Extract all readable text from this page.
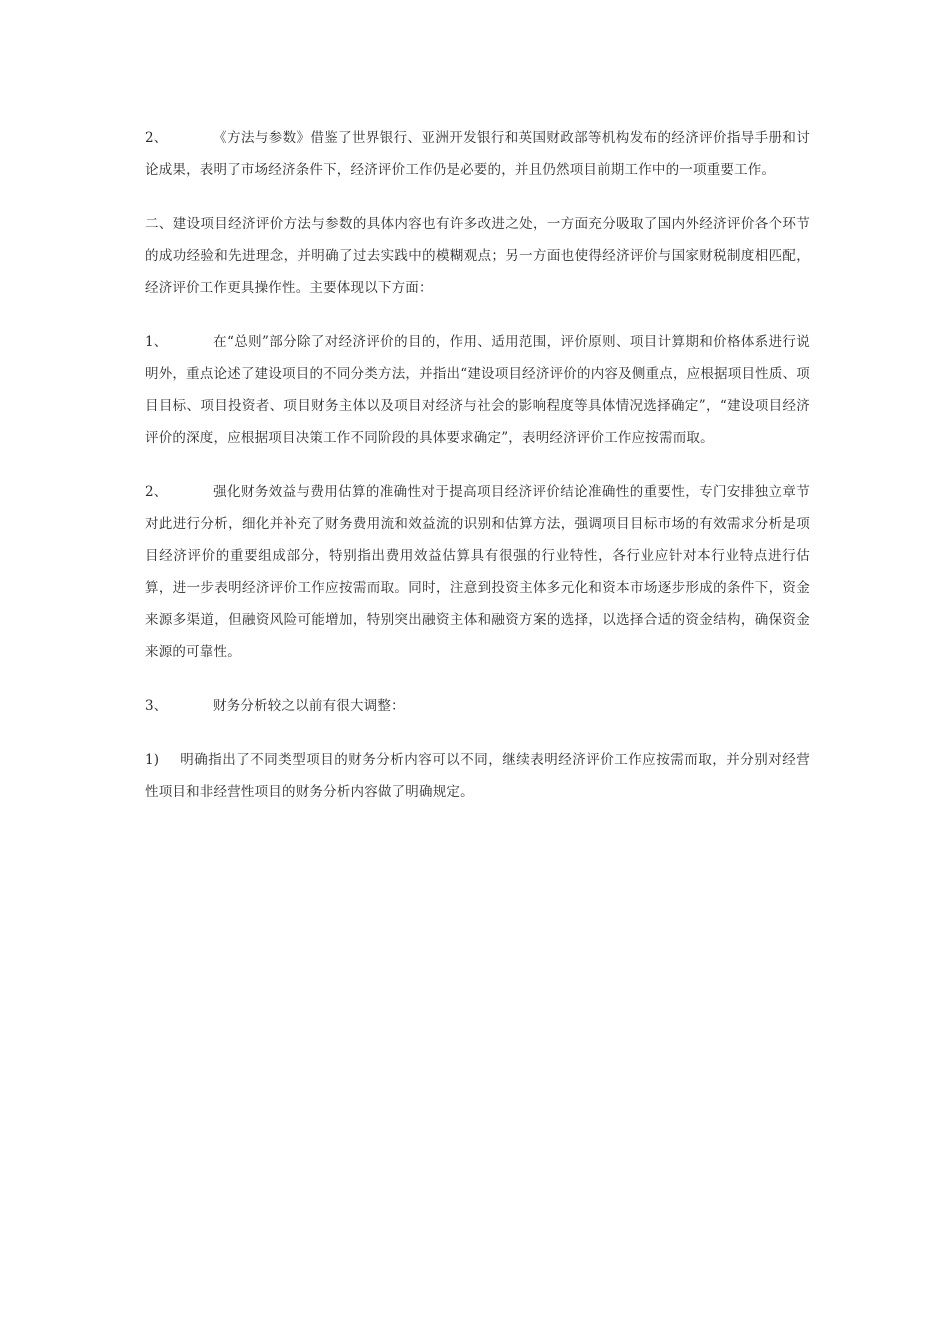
2、	《方法与参数》借鉴了世界银行、亚洲开发银行和英国财政部等机构发布的经济评价指导手册和讨论成果，表明了市场经济条件下，经济评价工作仍是必要的，并且仍然项目前期工作中的一项重要工作。

二、建设项目经济评价方法与参数的具体内容也有许多改进之处，一方面充分吸取了国内外经济评价各个环节的成功经验和先进理念，并明确了过去实践中的模糊观点；另一方面也使得经济评价与国家财税制度相匹配，经济评价工作更具操作性。主要体现以下方面：

1、	在“总则”部分除了对经济评价的目的，作用、适用范围，评价原则、项目计算期和价格体系进行说明外，重点论述了建设项目的不同分类方法，并指出“建设项目经济评价的内容及侧重点，应根据项目性质、项目目标、项目投资者、项目财务主体以及项目对经济与社会的影响程度等具体情况选择确定”，“建设项目经济评价的深度，应根据项目决策工作不同阶段的具体要求确定”，表明经济评价工作应按需而取。

2、	强化财务效益与费用估算的准确性对于提高项目经济评价结论准确性的重要性，专门安排独立章节对此进行分析，细化并补充了财务费用流和效益流的识别和估算方法，强调项目目标市场的有效需求分析是项目经济评价的重要组成部分，特别指出费用效益估算具有很强的行业特性，各行业应针对本行业特点进行估算，进一步表明经济评价工作应按需而取。同时，注意到投资主体多元化和资本市场逐步形成的条件下，资金来源多渠道，但融资风险可能增加，特别突出融资主体和融资方案的选择，以选择合适的资金结构，确保资金来源的可靠性。

3、	财务分析较之以前有很大调整：

1) 明确指出了不同类型项目的财务分析内容可以不同，继续表明经济评价工作应按需而取，并分别对经营性项目和非经营性项目的财务分析内容做了明确规定。
